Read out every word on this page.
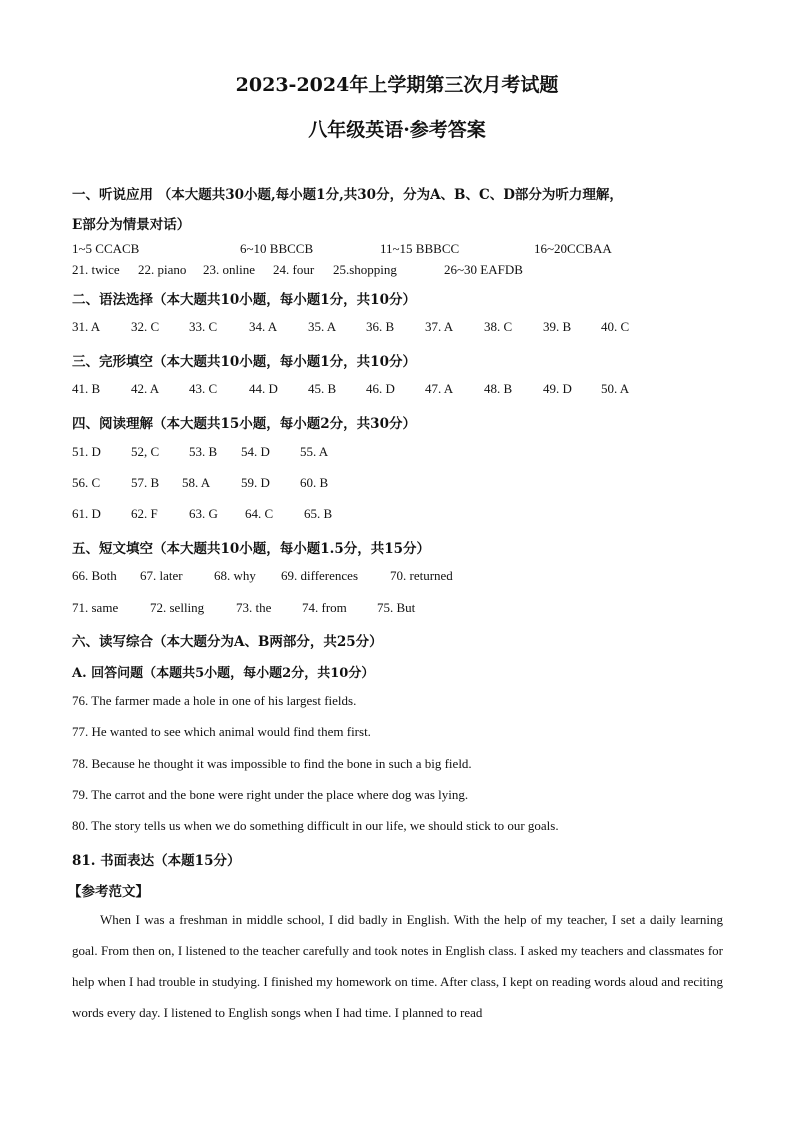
2023-2024年上学期第三次月考试题
八年级英语·参考答案
一、听说应用 （本大题共30小题,每小题1分,共30分，分为A、B、C、D部分为听力理解，
E部分为情景对话）
1~5 CCACB	6~10 BBCCB	11~15 BBBCC	16~20CCBAA
21. twice 22. piano 23. online 24. four 25.shopping	26~30 EAFDB
二、语法选择（本大题共10小题，每小题1分，共10分）
31. A 32. C 33. C 34. A 35. A 36. B 37. A 38. C 39. B 40. C
三、完形填空（本大题共10小题，每小题1分，共10分）
41. B 42. A 43. C 44. D 45. B 46. D 47. A 48. B 49. D 50. A
四、阅读理解（本大题共15小题，每小题2分，共30分）
51. D 52, C 53. B 54. D 55. A
56. C 57. B 58. A 59. D 60. B
61. D 62. F 63. G 64. C 65. B
五、短文填空（本大题共10小题，每小题1.5分，共15分）
66. Both 67. later 68. why 69. differences 70. returned
71. same 72. selling 73. the 74. from 75. But
六、读写综合（本大题分为A、B两部分，共25分）
A. 回答问题（本题共5小题，每小题2分，共10分）
76. The farmer made a hole in one of his largest fields.
77. He wanted to see which animal would find them first.
78. Because he thought it was impossible to find the bone in such a big field.
79. The carrot and the bone were right under the place where dog was lying.
80. The story tells us when we do something difficult in our life, we should stick to our goals.
81. 书面表达（本题15分）
【参考范文】
When I was a freshman in middle school, I did badly in English. With the help of my teacher, I set a daily learning goal. From then on, I listened to the teacher carefully and took notes in English class. I asked my teachers and classmates for help when I had trouble in studying. I finished my homework on time. After class, I kept on reading words aloud and reciting words every day. I listened to English songs when I had time. I planned to read
